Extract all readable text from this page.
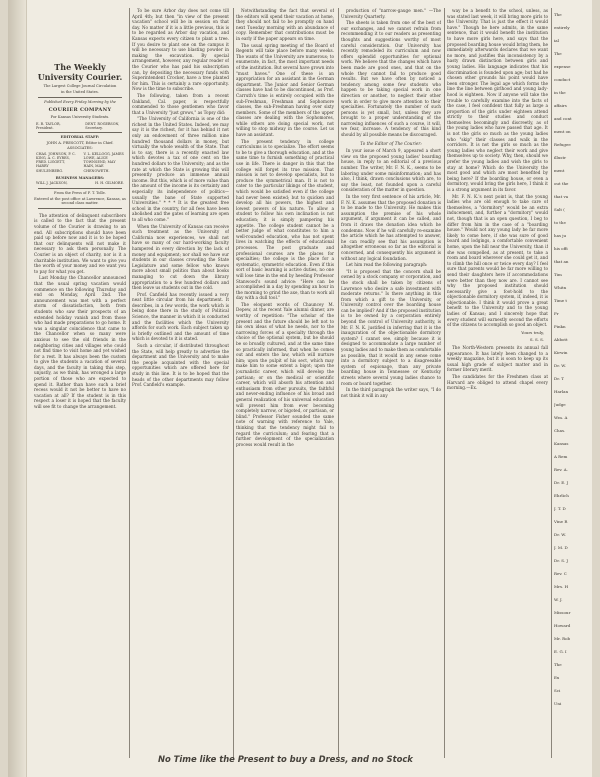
The Weekly University Courier.
The Largest College Journal Circulation
in the United States.
Published Every Friday Morning by the
COURIER COMPANY
For Kansas University Students.
E. R. TAYLOR, President.
DENT. ROGERSON, Secretary.
EDITORIAL STAFF:
JOHN A. PRESCOTT, Editor in Chief.
ASSOCIATES:
CHAS. JOHNSON, P. C. KING, A. C. EYRES, FRED. LIGGETT, HARRY SHULENBERG.
V. L. KELLOGG, JAMES LOWE, ALICE TOWNSEND, MAY HAIN, MAE CHENOWETH.
BUSINESS MANAGERS:
WILL J. JACKSON,	H. H. GILMORE.
From the Press of F. T. Tolle.
Entered at the post office at Lawrence, Kansas, as second class matter.
The attention of delinquent subscribers is called to the fact that the present volume of the Courier is drawing to an end. All subscriptions should have been paid up before now and it is to be hoped that our delinquents will not make it necessary to ask them personally. The Courier is an object of charity, nor is it a charitable institution. We want to give you the worth of your money and we want you to pay for what you get.
Last Monday the Chancellor announced that the usual spring vacation would commence on the following Thursday and end on Monday, April 2nd. The announcement was met with a perfect storm of dissatisfaction, both from students who saw their prospects of an extended holiday vanish and from those who had made preparations to go home. It was a singular coincidence that came to the Chancellor when so many were anxious to see the old friends in the neighboring cities and villages who could not find time to visit home and yet wished for a rest. It has always been the custom to give the students a vacation of several days, and the faculty in taking this step, unjustly, as we think, has wronged a large portion of those who are expected to spend it. Rather than have such a brief recess would it not be better to have no vacation at all? If the student is in this respect a loser it is hoped that the faculty will see fit to change the arrangement.
To be sure Arbor day does not come till April 4th; but then "in view of the present vacation" school will be in session on that day. No matter if it is a little previous, this is to be regarded as Arbor day vacation, and Kansas expects every citizen to plant a tree. If you desire to plant one on the campus it will be necessary to use blasting powder in making the excavation. By special arrangement, however, any regular reader of the Courier who has paid his subscription can, by depositing the necessary funds with Superintendent Crocker, have a tree planted for him. This is certainly a rare opportunity. Now is the time to subscribe.
The following, taken from a recent Oakland, Cal. paper, is respectfully commended to those gentlemen who favor that a University "just grows," as Topsy did:
"The University of California is one of the richest in the United States. Indeed, we may say it is the richest, for it has behind it not only an endowment of three million nine hundred thousand dollars in money, but virtually the whole wealth of the State. That is to say, there is a recently enacted law which devotes a tax of one cent on the hundred dollars to the University; and as the rate at which the State is growing this will presently produce an immense annual income. But this, which is of more value than the amount of the income is its certainty and especially its independence of politics—usually the bane of State supported Universities." * * * It is the greatest free school in the country, for all fees have been abolished and the gates of learning are open to all who come."
When the University of Kansas can receive such treatment as the University of California now experiences, we shall not have so many of our hard-working faculty hampered in every direction by the lack of money and equipment; nor shall we have our students in our classes crowding the State Legislature and some fellow who knows more about small politics than about books managing to cut down the library appropriation to a few hundred dollars and then leave us students out in the cold.
Prof. Canfield has recently issued a very neat little circular from his department. It describes, in a few words, the work which is being done there in the study of Political Science, the manner in which it is conducted and the facilities which the University affords for such work. Each subject taken up is briefly outlined and the amount of time which is devoted to it is stated.
Such a circular, if distributed throughout the State, will help greatly to advertise the department and the University and to make the people acquainted with the special opportunities which are offered here for study in this line. It is to be hoped that the heads of the other departments may follow Prof. Canfield's example.
Notwithstanding the fact that several of the editors will spend their vacation at home, they should not fail to be promptly on hand next Tuesday morning with an abundance of copy. Remember that contributions must be in early if the paper appears on time.
The usual spring meeting of the Board of Regents will take place before many weeks. The wants of the University are numerous; to enumerate, in fact, the most important needs of the institution. But several have grown into "must haves." One of these is an appropriation for an assistant in the German department. The Junior and Senior German classes have had to be discontinued, as Prof. Carruth's time is entirely occupied with the sub-Freshman, Freshman and Sophomore classes, the sub-Freshman having over sixty members. Some of the members of the upper classes are dealing with the Sophomores, while others are doing special work, not willing to stop midway in the course. Let us have an assistant.
The present tendency in college curriculums is to specialize. The effort seems to be to give a thorough education, and at the same time to furnish something of practical use in life. There is danger in this that the college will forget its true mission. That mission is not to develop specialists, but to produce the symmetrical man. It is not to cater to the particular likings of the student, which would be satisfied even if the college had never been existed; but to quicken and develop all his powers, the highest and lowest powers of his nature. To allow a student to follow his own inclination is not education; it is simply pampering his appetite. The college student cannot be a better judge of what constitutes to him a well-rounded education, who has not spent lives in watching the effects of educational processes. The post graduate and professional courses are the places for specialties; the college is the place for a systematic, symmetric education. Even if this sort of basic learning is active duties, no one will lose time in the end by heeding Professor Stanwood's sound advice: "Here can be accomplished in a day by spending an hour in the morning to grind the axe, than to work all day with a dull tool."
The eloquent words of Chauncey M. Depew, at the recent Yale alumni dinner, are worthy of repetition: "The scholar of the present and the future should be left not to his own ideas of what he needs, nor to the narrowing forces of a specialty through the choice of the optional system, but he should be so broadly cultured, and at the same time so practically informed, that when he comes out and enters the law, which will nurture him; upon the pulpit of his sect, which may make him to some extent a bigot; upon the journalistic career, which will develop the partisan; or on the medical or scientific career, which will absorb his attention and enthusiasm from other pursuits, the faithful and never-ending influence of his broad and general realization of his universal education will prevent him from ever becoming completely narrow, or bigoted, or partisan, or blind." Professor Fisher sounded the same note of warning with reference to Yale, thinking that the tendency might fail to regard the curriculum; and fearing that a further development of the specialization process would result in the
production of "narrow-gauge men." —The University Quarterly.
The sheets is taken from one of the best of our exchanges, and we cannot refrain from recommending it to our readers as presenting thoughts and suggestions worthy of most careful consideration. Our University has recently remodeled its curriculum and now offers splendid opportunities for optional work. We believe that the changes which have been made are good ones, and that on the whole they cannot fail to produce good results. But we have often by noticed a tendency among some few students who happen to be taking special work in one direction or another, to neglect their other work in order to give more attention to their specialties. Fortunately the number of such persons is yet small, but, unless they are brought to a proper understanding of the narrowing influences of such a course, it will, we fear, increase. A tendency of this kind should by all possible means be discouraged.
To the Editor of The Courier:
In your issue of March 9, appeared a short view on the proposed young ladies' boarding house, in reply to an editorial of a previous number. The writer, Mr. F. N. K., seems to be laboring under some misinformation; and has also, I think, drawn conclusions which are, to say the least, not founded upon a careful consideration of the matter in question.
In the very first sentence of his article, Mr. F. N. K. assumes that the proposed donation is to be made to the University. He makes this assumption the premise of his whole argument, if argument it can be called, and from it draws the donation idea which he condemns. Now if he will carefully re-examine the article which he has attempted to answer, he can readily see that his assumption is altogether erroneous so far as the editorial is concerned, and consequently his argument is without any logical foundation.
Let him read the following paragraph:
"It is proposed that the concern shall be owned by a stock company or corporation, and the stock shall be taken by citizens of Lawrence who desire a safe investment with moderate returns." Is there anything in this from which a gift to the University, or University control over the boarding house can be implied? And if the proposed institution is to be owned by a corporation entirely beyond the control of University authority, is Mr. F. N. K. justified in inferring that it is the inauguration of the objectionable dormitory system? I cannot see, simply because it is designed to accommodate a large number of young ladies and to make them as comfortable as possible, that it would in any sense come into a dormitory subject to a disagreeable system of espionage, than any private boarding house in Tennessee or Kentucky streets where several young ladies chance to room or board together.
In the third paragraph the writer says, "I do not think it will in any
way be a benefit to the school, unless, as was stated last week, it will bring more girls to the University. That is just the effect it would have." Though he here admits, in the same sentence, that it would benefit the institution to have more girls here, and says that the proposed boarding house would bring them, he immediately afterwards declares that we want no more, and justifies this inconsistency by a hasty drawn distinction between girls and young ladies. His language indicates that his discrimination is founded upon age; but had he chosen other grounds his point would have been stronger. The legal age which forms the line the line between girlhood and young lady-hood is eighteen. Now if anyone will take the trouble to carefully examine into the facts of the case, I feel confident that fully as large a proportion of the girls under eighteen attend strictly to their studies and conduct themselves becomingly and discreetly, as of the young ladies who have passed that age. It is not the girls so much as the young ladies who "skip" their classes and walk in the corridors. It is not the girls so much as the young ladies who neglect their work and give themselves up to society. Why, then, should we prefer the young ladies and wish the girls to stay at home? Which do the University the most good and which are most benefited by being here? If the boarding house, or even a dormitory, would bring the girls here, I think it is a strong argument in its favor.
Mr. F. N. K.'s next point is, that the young ladies who are old enough to take care of themselves, a "dormitory" would be an extra inducement, and, further a "dormitory" would not, though that is an open question, I beg to differ from him in the case of a "boarding house." Would not any young lady be far more likely to come here, if she was sure of good board and lodgings, a comfortable convenient home, upon the hill near the University, than if she was compelled, as at present, to take a room and board wherever she could get it, and to climb the hill once or twice every day? I feel sure that parents would be far more willing to send their daughters here if accommodations were better than they now are. I cannot see why the proposed institution should necessarily give a foot-hold to the objectionable dormitory system, if, indeed, it is objectionable. I think it would prove a great benefit to the University and to the young ladies of Kansas; and I sincerely hope that every student will earnestly second the efforts of the citizens to accomplish so good an object.
Yours truly,
S. S. S.
The North-Western presents its annual fall appearance. It has lately been changed to a weekly magazine, but it is soon to keep up its usual high grade of subject matter and in former literary merit.
The candidates for the Freshmen class at Harvard are obliged to attend chapel every morning.—Ex.
The
entirely
ial
The
expense
conduct
in the
affairs
and cont
ment on
Refugee
illustr
ment
out the
that va
Salt (
to the
has ju
his offi
that an
Tim
Whitn
Time t
Fr
Pinkn
Abbott
Kirwin
Dr. W.
Dr. T
Harlan
Judge
Wm. A
Chas.
Kansas
A Rem
Rev. A.
Dr. E. J
Ehrlich
J. T. D
Vine R
Dr. W.
J. M. D
Dr. S. J
Rev. C
Mrs. H
W. J.
Missour
Howard
Mr. Rob
E. G. I
The
Ex
Sci
Uni
No Time like the Present to buy a Dress, and no Stock
